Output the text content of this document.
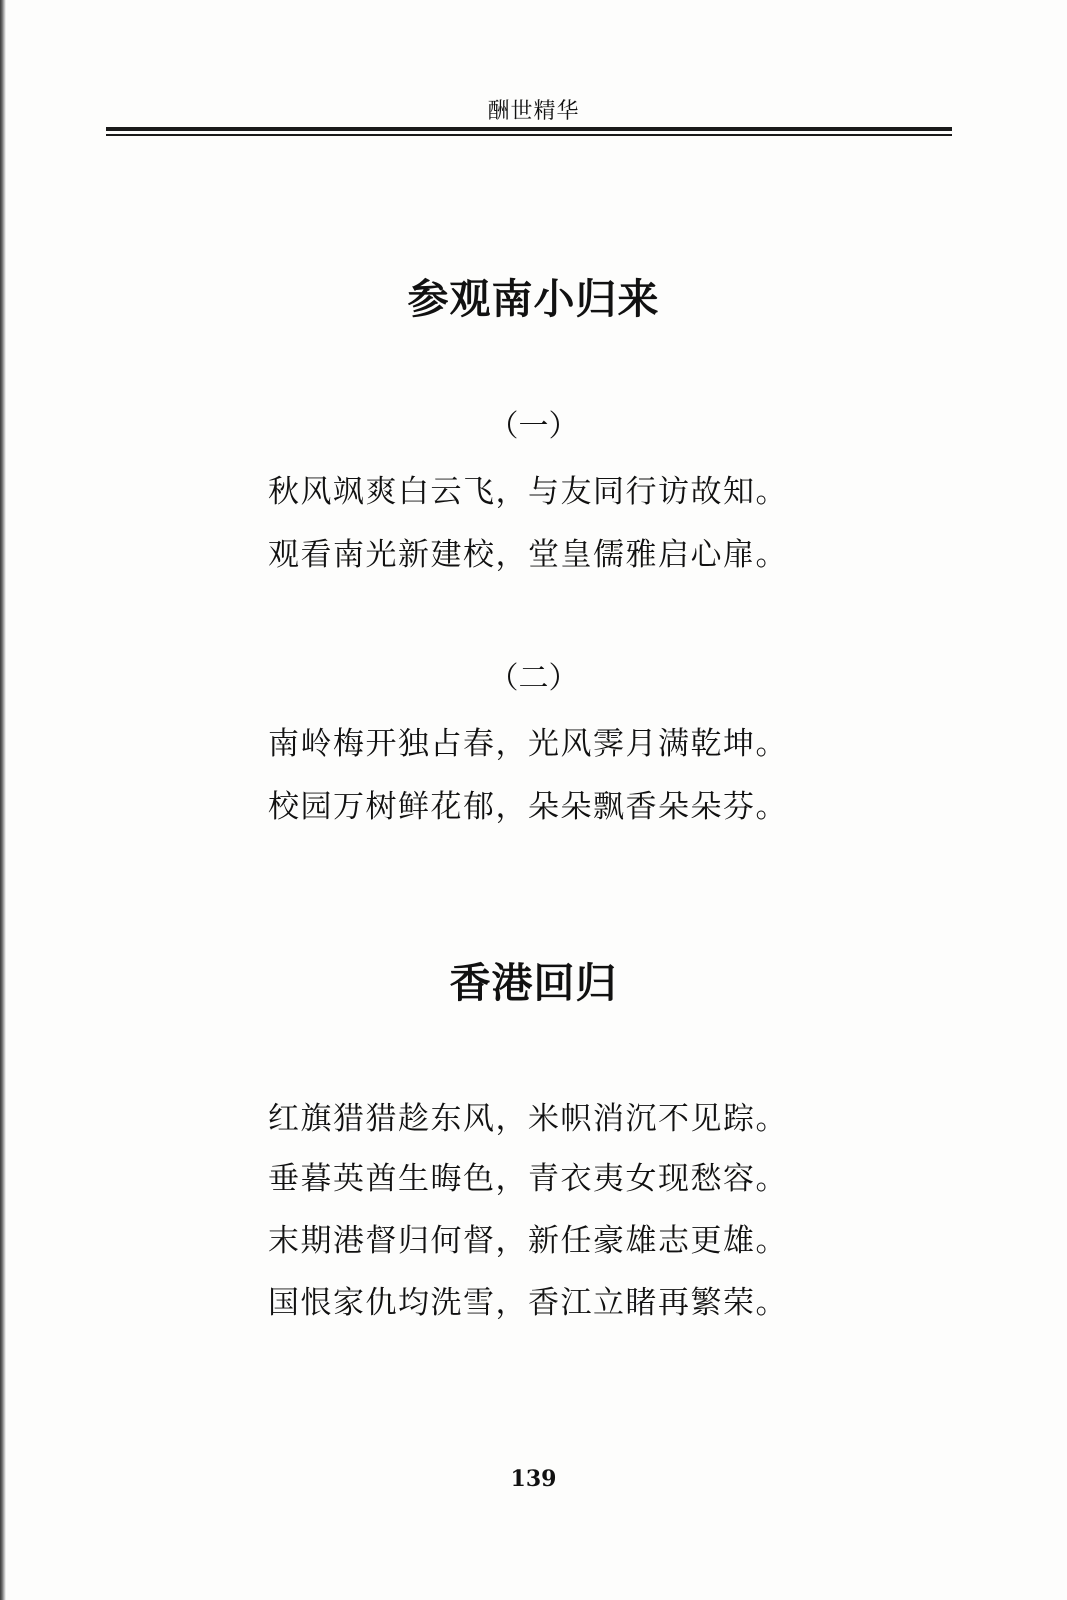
酬世精华
参观南小归来
（一）
秋风飒爽白云飞，与友同行访故知。
观看南光新建校，堂皇儒雅启心扉。
（二）
南岭梅开独占春，光风霁月满乾坤。
校园万树鲜花郁，朵朵飘香朵朵芬。
香港回归
红旗猎猎趁东风，米帜消沉不见踪。
垂暮英酋生晦色，青衣夷女现愁容。
末期港督归何督，新任豪雄志更雄。
国恨家仇均洗雪，香江立睹再繁荣。
139
